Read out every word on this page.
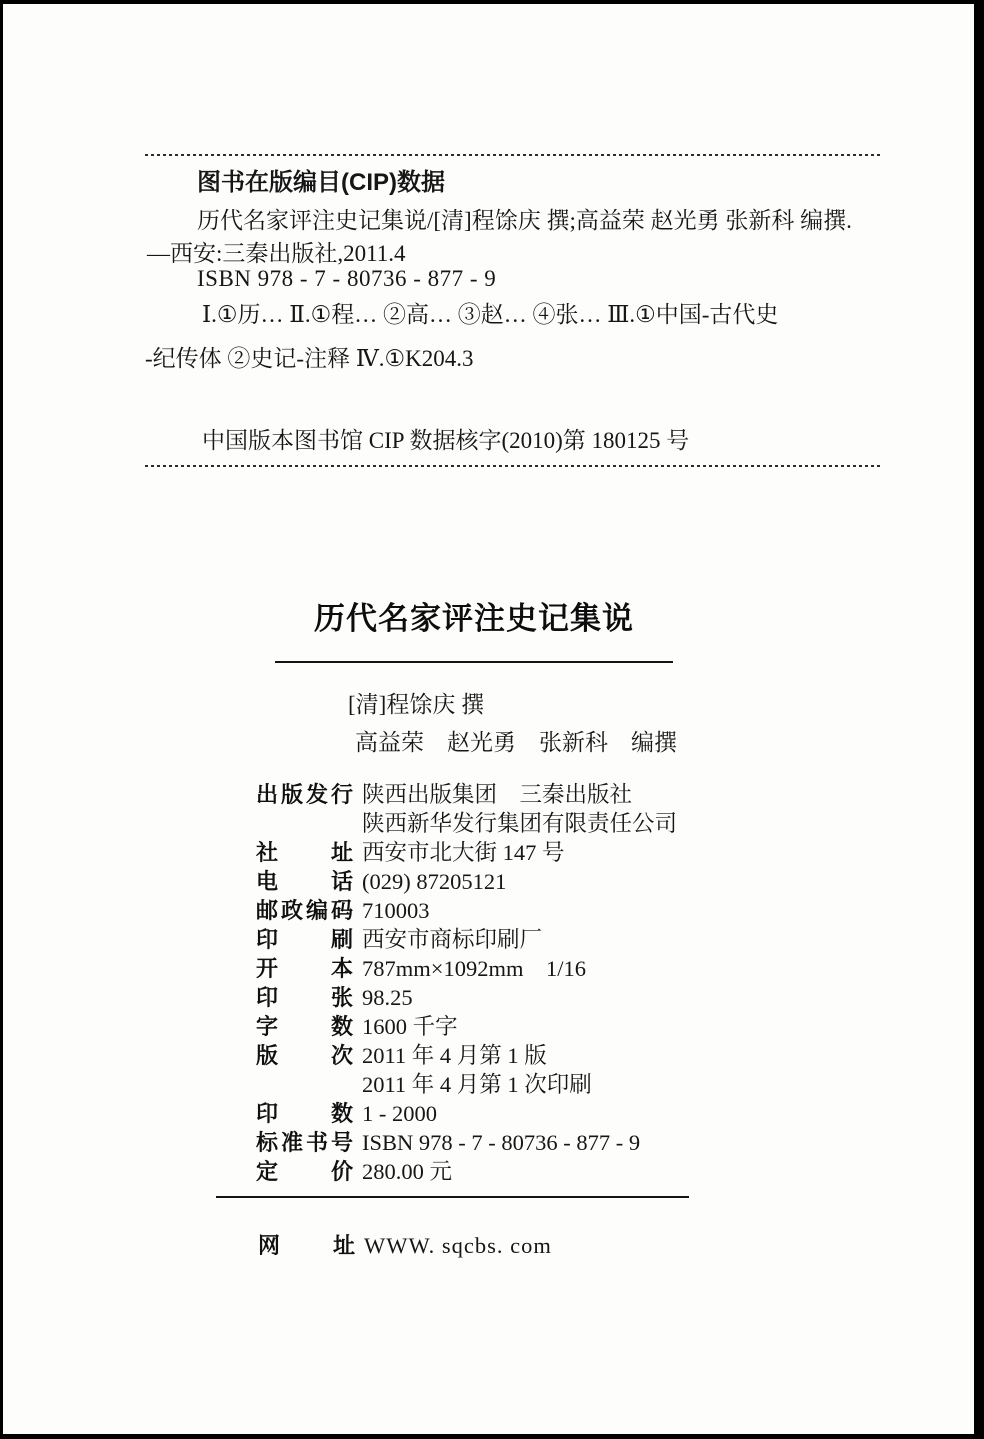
图书在版编目(CIP)数据
历代名家评注史记集说/[清]程馀庆 撰;高益荣 赵光勇 张新科 编撰.
—西安:三秦出版社,2011.4
ISBN 978 - 7 - 80736 - 877 - 9
Ⅰ.①历… Ⅱ.①程… ②高… ③赵… ④张… Ⅲ.①中国-古代史
-纪传体 ②史记-注释 Ⅳ.①K204.3
中国版本图书馆 CIP 数据核字(2010)第 180125 号
历代名家评注史记集说
[清]程馀庆 撰
高益荣　赵光勇　张新科　编撰
出版发行 陕西出版集团　三秦出版社
陕西新华发行集团有限责任公司
社址 西安市北大街 147 号
电话 (029) 87205121
邮政编码 710003
印刷 西安市商标印刷厂
开本 787mm×1092mm　1/16
印张 98.25
字数 1600 千字
版次 2011 年 4 月第 1 版
2011 年 4 月第 1 次印刷
印数 1 - 2000
标准书号 ISBN 978 - 7 - 80736 - 877 - 9
定价 280.00 元
网址 WWW. sqcbs. com
